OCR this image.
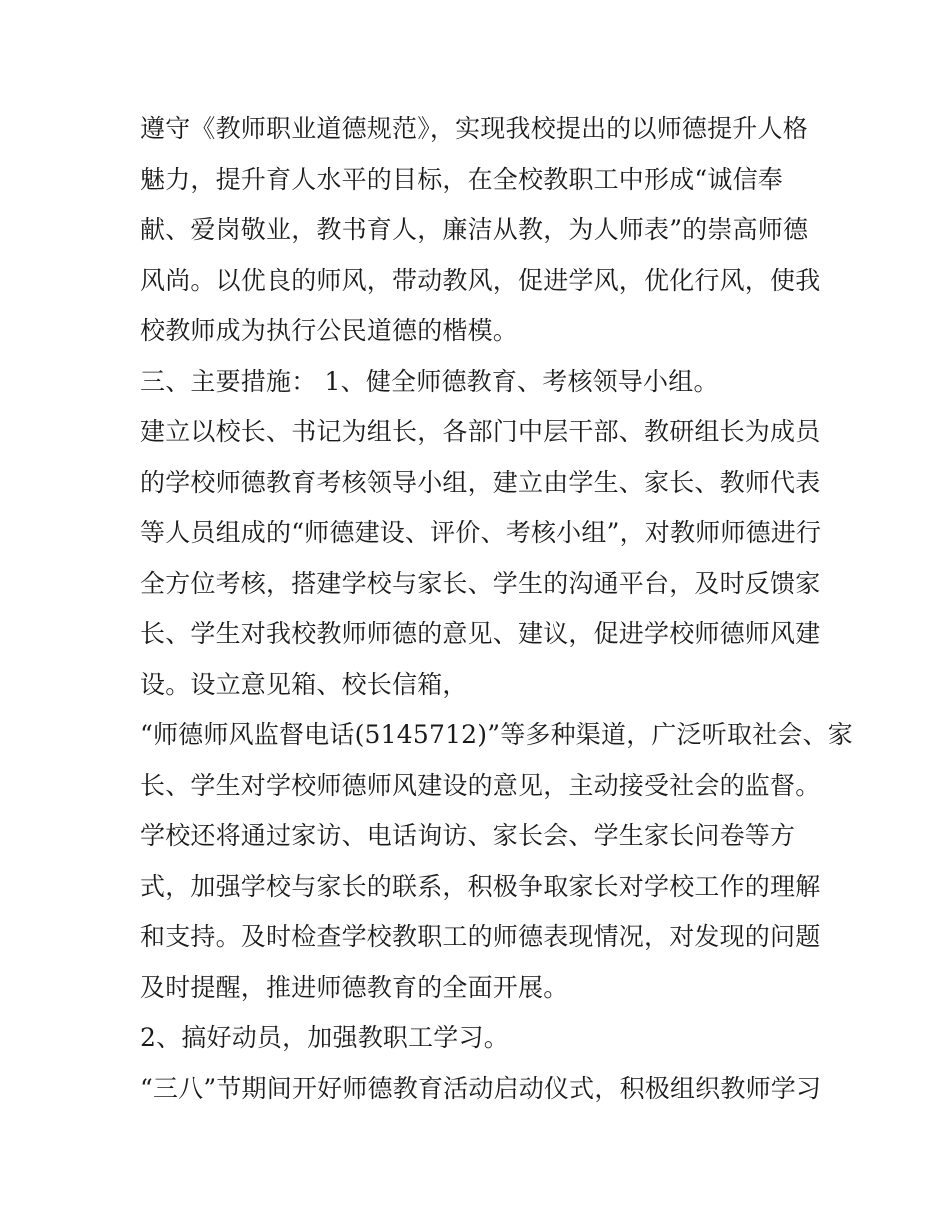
遵守《教师职业道德规范》，实现我校提出的以师德提升人格
魅力，提升育人水平的目标，在全校教职工中形成“诚信奉
献、爱岗敬业，教书育人，廉洁从教，为人师表”的崇高师德
风尚。以优良的师风，带动教风，促进学风，优化行风，使我
校教师成为执行公民道德的楷模。
三、主要措施： 1、健全师德教育、考核领导小组。
建立以校长、书记为组长，各部门中层干部、教研组长为成员
的学校师德教育考核领导小组，建立由学生、家长、教师代表
等人员组成的“师德建设、评价、考核小组”，对教师师德进行
全方位考核，搭建学校与家长、学生的沟通平台，及时反馈家
长、学生对我校教师师德的意见、建议，促进学校师德师风建
设。设立意见箱、校长信箱，
“师德师风监督电话(5145712)”等多种渠道，广泛听取社会、家
长、学生对学校师德师风建设的意见，主动接受社会的监督。
学校还将通过家访、电话询访、家长会、学生家长问卷等方
式，加强学校与家长的联系，积极争取家长对学校工作的理解
和支持。及时检查学校教职工的师德表现情况，对发现的问题
及时提醒，推进师德教育的全面开展。
2、搞好动员，加强教职工学习。
“三八”节期间开好师德教育活动启动仪式，积极组织教师学习
